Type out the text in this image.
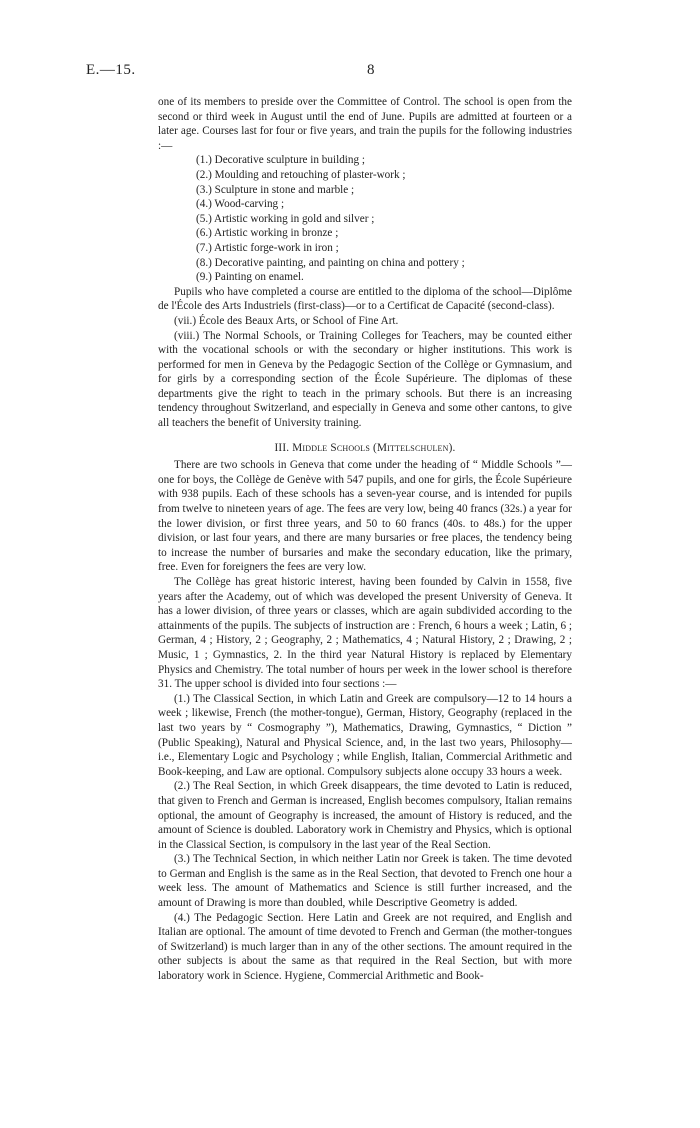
E.—15.	8

one of its members to preside over the Committee of Control. The school is open from the second or third week in August until the end of June. Pupils are admitted at fourteen or a later age. Courses last for four or five years, and train the pupils for the following industries :—

(1.) Decorative sculpture in building ;
(2.) Moulding and retouching of plaster-work ;
(3.) Sculpture in stone and marble ;
(4.) Wood-carving ;
(5.) Artistic working in gold and silver ;
(6.) Artistic working in bronze ;
(7.) Artistic forge-work in iron ;
(8.) Decorative painting, and painting on china and pottery ;
(9.) Painting on enamel.

Pupils who have completed a course are entitled to the diploma of the school—Diplôme de l'École des Arts Industriels (first-class)—or to a Certificat de Capacité (second-class).

(vii.) École des Beaux Arts, or School of Fine Art.

(viii.) The Normal Schools, or Training Colleges for Teachers, may be counted either with the vocational schools or with the secondary or higher institutions. This work is performed for men in Geneva by the Pedagogic Section of the Collège or Gymnasium, and for girls by a corresponding section of the École Supérieure. The diplomas of these departments give the right to teach in the primary schools. But there is an increasing tendency throughout Switzerland, and especially in Geneva and some other cantons, to give all teachers the benefit of University training.

III. Middle Schools (Mittelschulen).

There are two schools in Geneva that come under the heading of “ Middle Schools ”—one for boys, the Collège de Genève with 547 pupils, and one for girls, the École Supérieure with 938 pupils. Each of these schools has a seven-year course, and is intended for pupils from twelve to nineteen years of age. The fees are very low, being 40 francs (32s.) a year for the lower division, or first three years, and 50 to 60 francs (40s. to 48s.) for the upper division, or last four years, and there are many bursaries or free places, the tendency being to increase the number of bursaries and make the secondary education, like the primary, free. Even for foreigners the fees are very low.

The Collège has great historic interest, having been founded by Calvin in 1558, five years after the Academy, out of which was developed the present University of Geneva. It has a lower division, of three years or classes, which are again subdivided according to the attainments of the pupils. The subjects of instruction are : French, 6 hours a week ; Latin, 6 ; German, 4 ; History, 2 ; Geography, 2 ; Mathematics, 4 ; Natural History, 2 ; Drawing, 2 ; Music, 1 ; Gymnastics, 2. In the third year Natural History is replaced by Elementary Physics and Chemistry. The total number of hours per week in the lower school is therefore 31. The upper school is divided into four sections :—

(1.) The Classical Section, in which Latin and Greek are compulsory—12 to 14 hours a week ; likewise, French (the mother-tongue), German, History, Geography (replaced in the last two years by “ Cosmography ”), Mathematics, Drawing, Gymnastics, “ Diction ” (Public Speaking), Natural and Physical Science, and, in the last two years, Philosophy—i.e., Elementary Logic and Psychology ; while English, Italian, Commercial Arithmetic and Book-keeping, and Law are optional. Compulsory subjects alone occupy 33 hours a week.

(2.) The Real Section, in which Greek disappears, the time devoted to Latin is reduced, that given to French and German is increased, English becomes compulsory, Italian remains optional, the amount of Geography is increased, the amount of History is reduced, and the amount of Science is doubled. Laboratory work in Chemistry and Physics, which is optional in the Classical Section, is compulsory in the last year of the Real Section.

(3.) The Technical Section, in which neither Latin nor Greek is taken. The time devoted to German and English is the same as in the Real Section, that devoted to French one hour a week less. The amount of Mathematics and Science is still further increased, and the amount of Drawing is more than doubled, while Descriptive Geometry is added.

(4.) The Pedagogic Section. Here Latin and Greek are not required, and English and Italian are optional. The amount of time devoted to French and German (the mother-tongues of Switzerland) is much larger than in any of the other sections. The amount required in the other subjects is about the same as that required in the Real Section, but with more laboratory work in Science. Hygiene, Commercial Arithmetic and Book-
